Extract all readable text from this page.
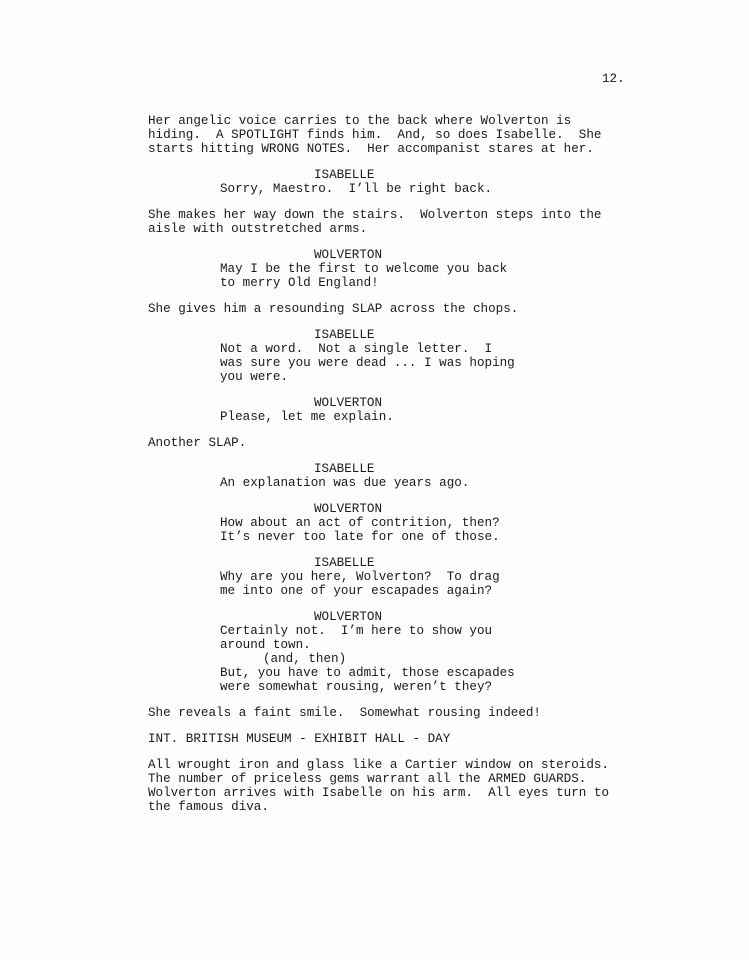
12.
Her angelic voice carries to the back where Wolverton is
hiding.  A SPOTLIGHT finds him.  And, so does Isabelle.  She
starts hitting WRONG NOTES.  Her accompanist stares at her.
ISABELLE
Sorry, Maestro.  I’ll be right back.
She makes her way down the stairs.  Wolverton steps into the
aisle with outstretched arms.
WOLVERTON
May I be the first to welcome you back
to merry Old England!
She gives him a resounding SLAP across the chops.
ISABELLE
Not a word.  Not a single letter.  I
was sure you were dead ... I was hoping
you were.
WOLVERTON
Please, let me explain.
Another SLAP.
ISABELLE
An explanation was due years ago.
WOLVERTON
How about an act of contrition, then?
It’s never too late for one of those.
ISABELLE
Why are you here, Wolverton?  To drag
me into one of your escapades again?
WOLVERTON
Certainly not.  I’m here to show you
around town.
(and, then)
But, you have to admit, those escapades
were somewhat rousing, weren’t they?
She reveals a faint smile.  Somewhat rousing indeed!
INT. BRITISH MUSEUM - EXHIBIT HALL - DAY
All wrought iron and glass like a Cartier window on steroids.
The number of priceless gems warrant all the ARMED GUARDS.
Wolverton arrives with Isabelle on his arm.  All eyes turn to
the famous diva.
